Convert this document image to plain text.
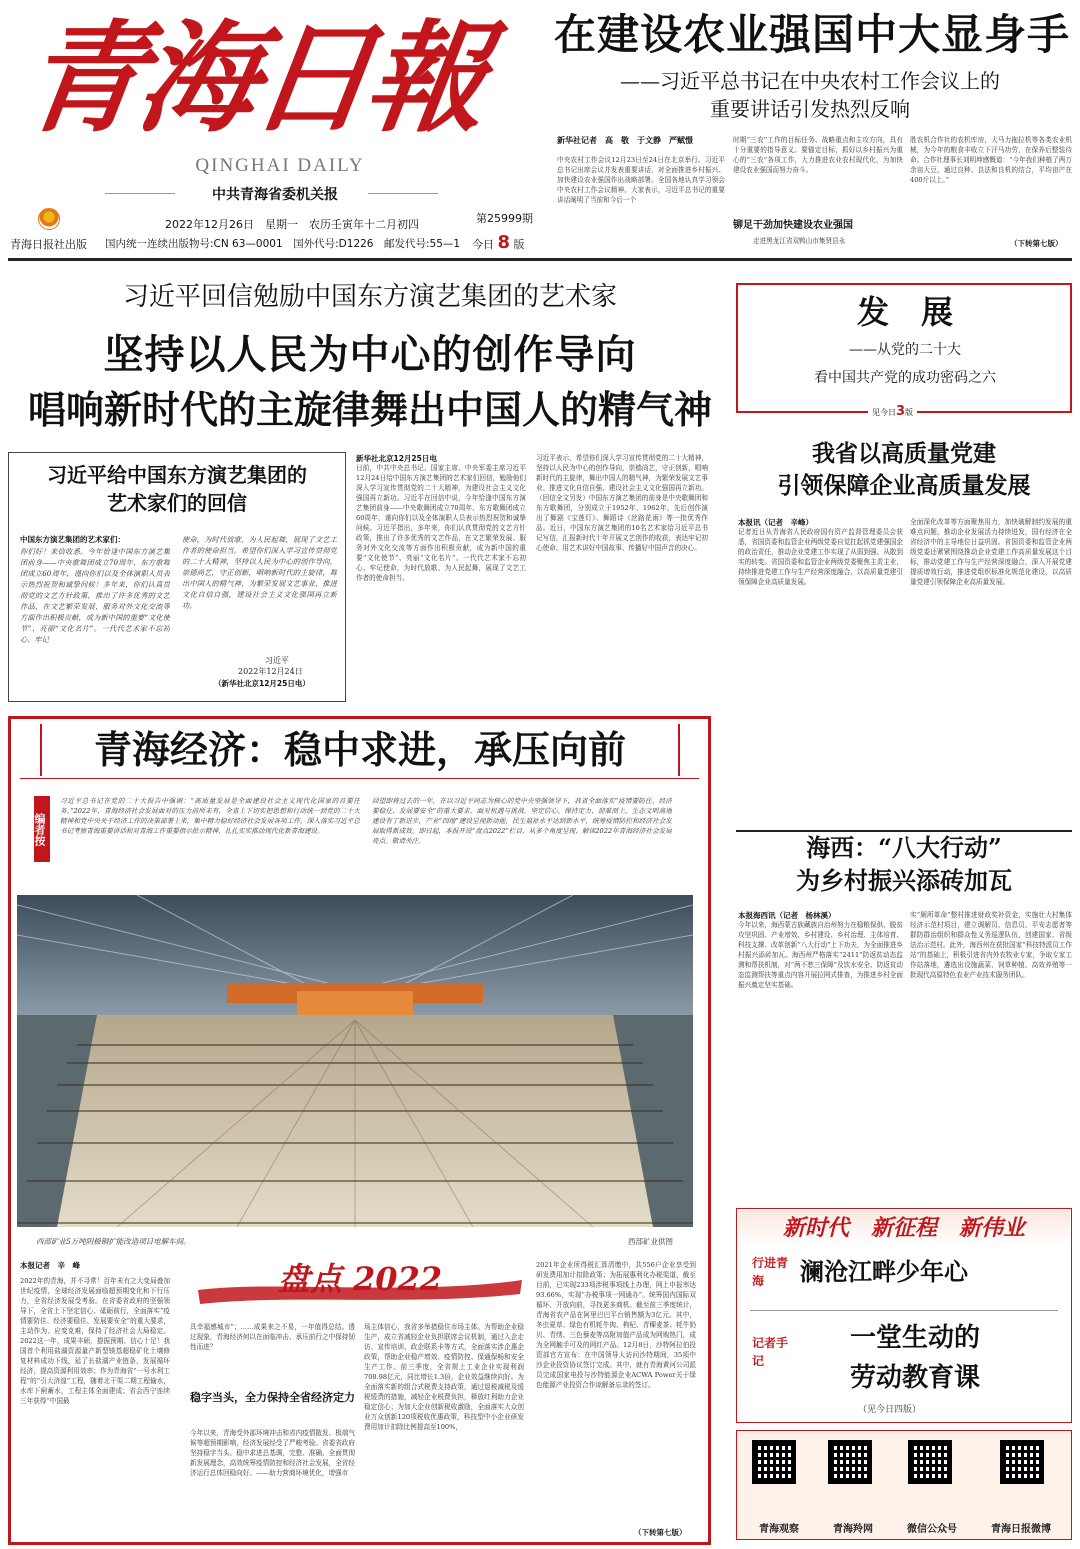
青海日報
QINGHAI DAILY
中共青海省委机关报
青海日报社出版
2022年12月26日　星期一　农历壬寅年十二月初四	第25999期
国内统一连续出版物号:CN 63—0001　国外代号:D1226　邮发代号:55—1 今日 8 版
在建设农业强国中大显身手
——习近平总书记在中央农村工作会议上的
重要讲话引发热烈反响
新华社记者　高　敬　于文静　严赋憬
中央农村工作会议12月23日至24日在北京举行。习近平总书记出席会议并发表重要讲话，对全面推进乡村振兴、加快建设农业强国作出战略部署。全国各地认真学习领会中央农村工作会议精神。大家表示，习近平总书记的重要讲话阐明了当前和今后一个
时期“三农”工作的目标任务、战略重点和主攻方向，具有十分重要的指导意义。要锚定目标，抓好以乡村振兴为重心的“三农”各项工作，大力推进农业农村现代化，为加快建设农业强国而努力奋斗。
铆足干劲加快建设农业强国
走进黑龙江省双鸭山市集贤县永
胜农机合作社的农机库房，大马力拖拉机等各类农业机械，为今年的粮食丰收立下汗马功劳，在保养后整装待命。合作社理事长刘明坤感慨道：“今年我们种植了两万余亩大豆，通过良种、良法和良机的结合，平均亩产在400斤以上。”
（下转第七版）
习近平回信勉励中国东方演艺集团的艺术家
坚持以人民为中心的创作导向
唱响新时代的主旋律舞出中国人的精气神
习近平给中国东方演艺集团的
艺术家们的回信
中国东方演艺集团的艺术家们：
你们好！来信收悉。今年恰逢中国东方演艺集团前身——中央歌舞团成立70周年、东方歌舞团成立60周年，谨向你们以及全体演职人员表示热烈祝贺和诚挚问候！多年来，你们认真贯彻党的文艺方针政策，推出了许多优秀的文艺作品，在文艺繁荣发展、服务对外文化交流等方面作出积极贡献，成为新中国的重要“文化使节”、亮丽“文化名片”。一代代艺术家不忘初心、牢记
使命，为时代放歌、为人民起舞，展现了文艺工作者的使命担当。希望你们深入学习宣传贯彻党的二十大精神，坚持以人民为中心的创作导向，崇德尚艺，守正创新，唱响新时代的主旋律，舞出中国人的精气神，为繁荣发展文艺事业、推进文化自信自强，建设社会主义文化强国再立新功。
习近平
2022年12月24日
（新华社北京12月25日电）
新华社北京12月25日电
日前，中共中央总书记、国家主席、中央军委主席习近平12月24日给中国东方演艺集团的艺术家们回信，勉励他们深入学习宣传贯彻党的二十大精神，为建设社会主义文化强国再立新功。习近平在回信中说，今年恰逢中国东方演艺集团前身——中央歌舞团成立70周年、东方歌舞团成立60周年，谨向你们以及全体演职人员表示热烈祝贺和诚挚问候。习近平指出，多年来，你们认真贯彻党的文艺方针政策，推出了许多优秀的文艺作品，在文艺繁荣发展、服务对外文化交流等方面作出积极贡献，成为新中国的重要“文化使节”、亮丽“文化名片”。一代代艺术家不忘初心、牢记使命，为时代放歌、为人民起舞，展现了文艺工作者的使命担当。
习近平表示，希望你们深入学习宣传贯彻党的二十大精神，坚持以人民为中心的创作导向，崇德尚艺，守正创新，唱响新时代的主旋律，舞出中国人的精气神，为繁荣发展文艺事业、推进文化自信自强、建设社会主义文化强国再立新功。（回信全文另发）中国东方演艺集团的前身是中央歌舞团和东方歌舞团，分别成立于1952年、1962年，先后创作演出了舞剧《宝莲灯》、舞蹈诗《丝路花雨》等一批优秀作品。近日，中国东方演艺集团的10名艺术家给习近平总书记写信，汇报新时代十年开展文艺创作的收获，表达牢记初心使命、用艺术讲好中国故事、传播好中国声音的决心。
发　展
——从党的二十大
看中国共产党的成功密码之六
见今日3版
我省以高质量党建
引领保障企业高质量发展
本报讯（记者　辛峰）
记者近日从青海省人民政府国有资产监督管理委员会获悉，省国资委和监管企业两级党委自觉扛起抓党建强国企的政治责任，推动企业党建工作实现了从弱到强、从散到实的转变。省国资委和监管企业两级党委聚焦主责主业，持续推进党建工作与生产经营深度融合，以高质量党建引领保障企业高质量发展。
全面深化改革等方面聚焦用力，加快破解制约发展的重难点问题，推动企业发展活力持续迸发，国有经济在全省经济中的主导地位日益巩固。省国资委和监管企业两级党委还紧紧围绕推动企业党建工作高质量发展这个目标，推动党建工作与生产经营深度融合，深入开展党建提质增效行动，推进党组织标准化规范化建设，以高质量党建引领保障企业高质量发展。
海西：“八大行动”
为乡村振兴添砖加瓦
本报海西讯（记者　杨林溪）
今年以来，海西蒙古族藏族自治州努力在稳粮保供、脱贫攻坚巩固、产业增效、乡村建设、乡村治理、主体培育、科技支撑、改革创新“八大行动”上下功夫，为全面推进乡村振兴添砖加瓦。海西州严格落实“2411”防返贫动态监测和帮扶机制，对“两不愁三保障”及饮水安全、防返贫动态监测帮扶等重点内容开展拉网式排查，为推进乡村全面振兴奠定坚实基础。
实“厕所革命”整村推进财政奖补资金，实施壮大村集体经济示范村项目，建立调解员、信息员、平安志愿者等群防群治组织和群众性义务巡逻队伍，创建国家、省级法治示范村。此外，海西州在获批国家“科技特派员工作站”的基础上，积极引进省内外农牧业专家，争取专家工作站落地，遴选出设施蔬菜、饲草种植、高效养殖等一批现代高原特色农业产业技术服务团队。
青海经济：稳中求进，承压向前
编者按
习近平总书记在党的二十大报告中强调：“高质量发展是全面建设社会主义现代化国家的首要任务。”2022年，青海经济社会发展面对的压力前所未有，全省上下切实把思想和行动统一到党的二十大精神和党中央关于经济工作的决策部署上来，集中精力稳好经济社会发展各项工作，深入落实习近平总书记考察青海重要讲话和对青海工作重要指示批示精神，扎扎实实推动现代化新青海建设。
回望即将过去的一年，在以习近平同志为核心的党中央坚强领导下，我省全面落实“疫情要防住、经济要稳住、发展要安全”的重大要求，面对机遇与挑战，坚定信心、保持定力、迎难而上，生态文明高地建设有了新进步，产业“四地”建设呈现新动能，民生福祉水平达到新水平，统筹疫情防控和经济社会发展取得新成效。即日起，本报开设“盘点2022”栏目，从多个角度呈现、解读2022年青海经济社会发展亮点。敬请关注。
西部矿业5万吨阴极铜扩能改造项目电解车间。	西部矿业供图
本报记者　辛　峰	盘点 2022
2022年的青海，并不寻常！百年未有之大变局叠加世纪疫情，全球经济发展面临超预期变化和下行压力，全省经济发展受考验。在省委省政府的坚强领导下，全省上下坚定信心、砥砺前行，全面落实“疫情要防住、经济要稳住、发展要安全”的重大要求，主动作为、应变克难，保持了经济社会大局稳定。2022这一年，成果丰硕，提振预期、信心十足！我国首个利用盐湖资源量产新型镁基超稳矿化土壤修复材料成功下线，延了长盐湖产业链条，发展循环经济，提高资源利用效率；作为青海省“一号水利工程”的“引大济湟”工程，随着北干渠二期工程输水，水库下闸蓄水，工程主体全面建成；省会西宁连续三年获得“中国最
具幸福感城市”；……成果来之不易，一年值得总结。透过现象，青海经济何以在面临冲击、承压前行之中保持韧性而进？
稳字当头，全力保持全省经济定力
今年以来，青海受外部环境冲击和省内疫情散发、极端气候等超预期影响，经济发展经受了严峻考验。省委省政府坚持稳字当头、稳中求进总基调，完整、准确、全面贯彻新发展理念，高效统筹疫情防控和经济社会发展，全省经济运行总体回稳向好。——助力营商环境优化，增强市
场主体信心，我省多举措稳住市场主体。为帮助企业稳生产，成立省减轻企业负担联席会议机制，通过入企走访、宣传培训、政企联系卡等方式，全面落实涉企惠企政策，帮助企业稳产增效、疫情防控、保通保畅和安全生产工作。前三季度，全省规上工业企业实现利润708.98亿元，同比增长1.3倍，企业效益继续向好。为全面落实新的组合式税费支持政策，通过退税减税及缓税缓费的措施，减轻企业税费负担，释放红利助力企业稳定信心；为加大企业创新税收激励，全面落实大众创业万众创新120项税收优惠政策，科技型中小企业研发费用加计扣除比例提高至100%，
2021年企业所得税汇算清缴中，共556户企业享受到研发费用加计扣除政策；为拓展惠利化办税渠道，截至目前，已实现233项涉税事项线上办理，网上申报率达93.66%，实现“办税事项一网通办”。统筹国内国际双循环、开放向前，寻找更多商机。截至前三季度统计，青海省农产品在阿里巴巴平台销售额为3亿元。其中，冬虫夏草、绿色有机牦牛肉、枸杞、青稞麦茶、牦牛奶贝、青绣、三色藜麦等高附加值产品成为网购热门，成为全网触手可及的网红产品。12月8日，沙特阿拉伯投资部官方宣布：在中国领导人访问沙特期间，35项中沙企业投资协议签订完成。其中，就有青海黄河公司派员完成国家电投与沙特能源企业ACWA Power关于绿色能源产业投资合作谅解备忘录的签订。
（下转第七版）
新时代　新征程　新伟业
行进青海	澜沧江畔少年心
记者手记
一堂生动的
劳动教育课
（见今日四版）
青海观察	青海羚网	微信公众号	青海日报微博
